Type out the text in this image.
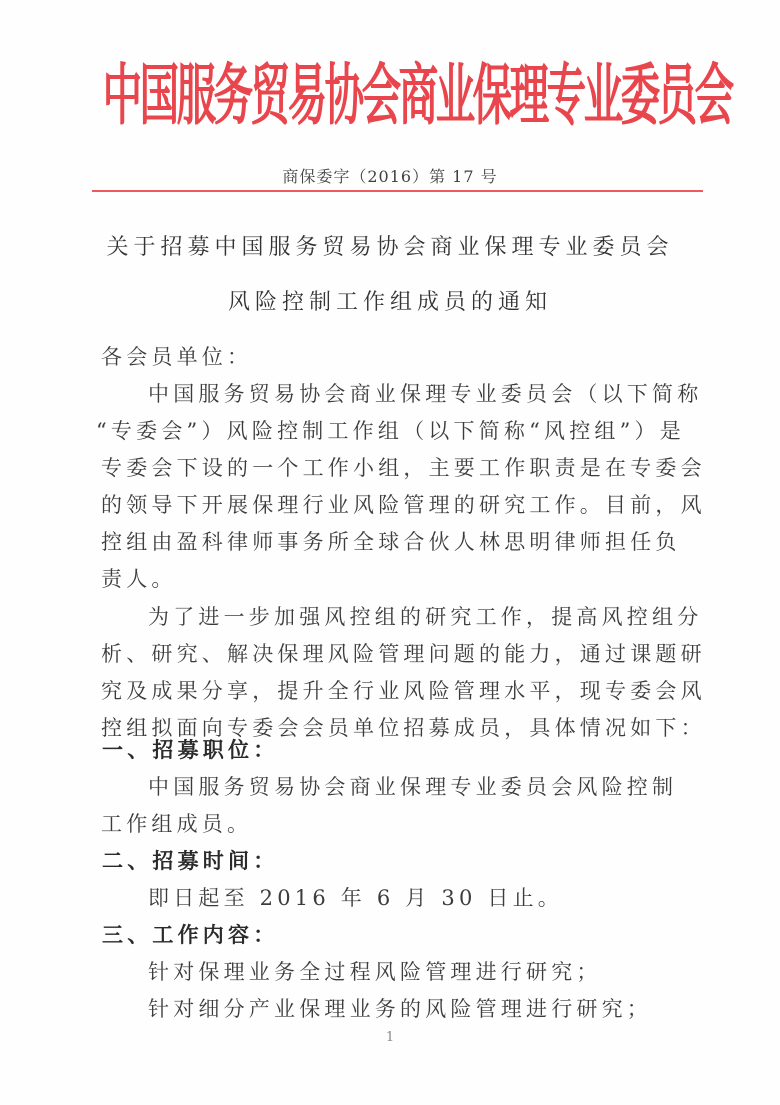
中
国
服
务
贸
易
协
会
商
业
保
理
专
业
委
员
会
商保委字（2016）第 17 号
关于招募中国服务贸易协会商业保理专业委员会
风险控制工作组成员的通知
各会员单位：
中国服务贸易协会商业保理专业委员会（以下简称
“专委会”）风险控制工作组（以下简称“风控组”）是
专委会下设的一个工作小组，主要工作职责是在专委会
的领导下开展保理行业风险管理的研究工作。目前，风
控组由盈科律师事务所全球合伙人林思明律师担任负
责人。
为了进一步加强风控组的研究工作，提高风控组分
析、研究、解决保理风险管理问题的能力，通过课题研
究及成果分享，提升全行业风险管理水平，现专委会风
控组拟面向专委会会员单位招募成员，具体情况如下：
一、招募职位：
中国服务贸易协会商业保理专业委员会风险控制
工作组成员。
二、招募时间：
即日起至 2016 年 6 月 30 日止。
三、工作内容：
针对保理业务全过程风险管理进行研究；
针对细分产业保理业务的风险管理进行研究；
1
